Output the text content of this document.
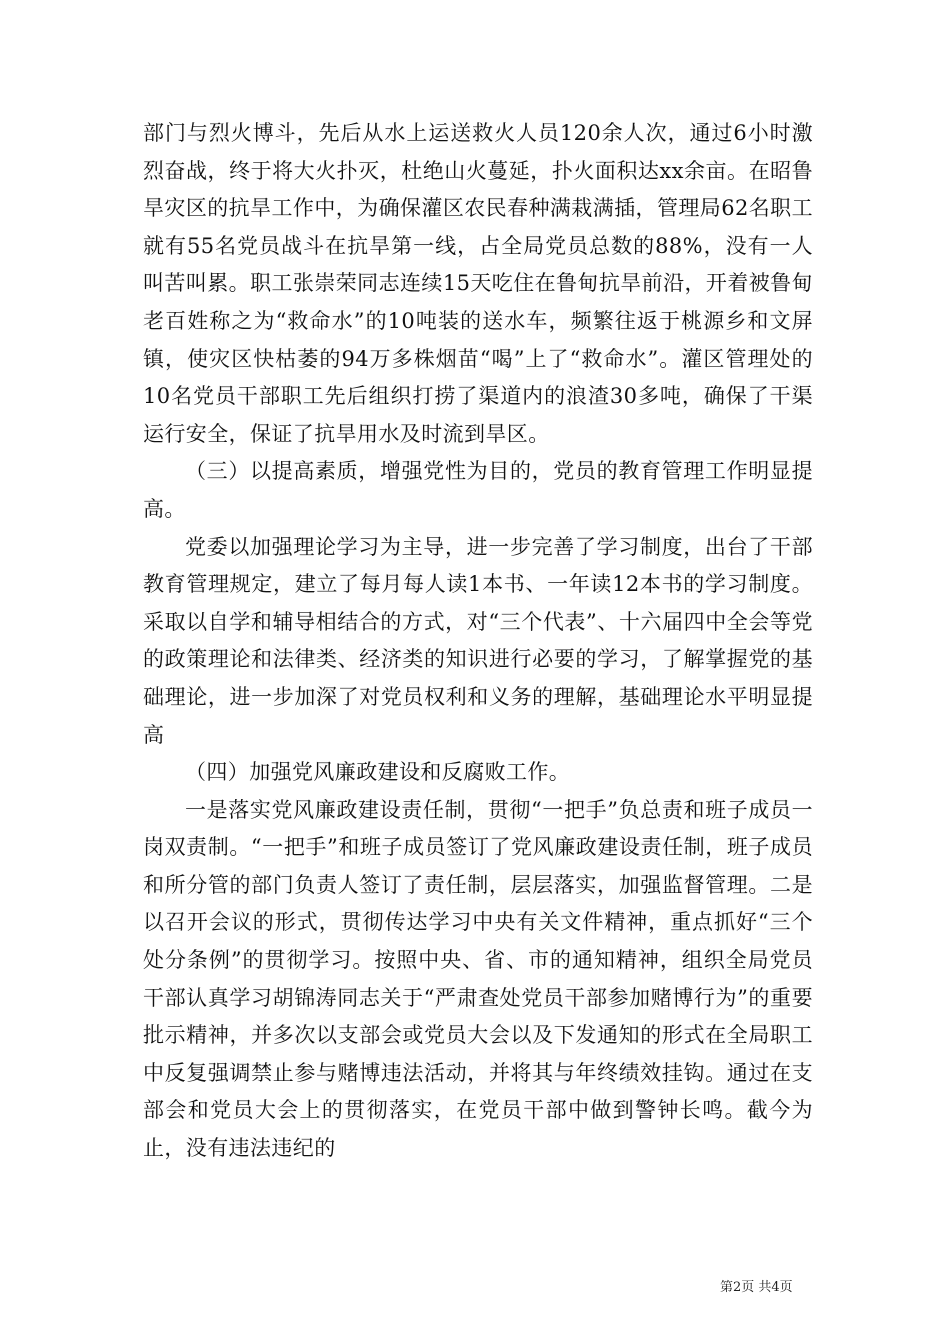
部门与烈火博斗，先后从水上运送救火人员120余人次，通过6小时激烈奋战，终于将大火扑灭，杜绝山火蔓延，扑火面积达xx余亩。在昭鲁旱灾区的抗旱工作中，为确保灌区农民春种满栽满插，管理局62名职工就有55名党员战斗在抗旱第一线，占全局党员总数的88%，没有一人叫苦叫累。职工张崇荣同志连续15天吃住在鲁甸抗旱前沿，开着被鲁甸老百姓称之为“救命水”的10吨装的送水车，频繁往返于桃源乡和文屏镇，使灾区快枯萎的94万多株烟苗“喝”上了“救命水”。灌区管理处的10名党员干部职工先后组织打捞了渠道内的浪渣30多吨，确保了干渠运行安全，保证了抗旱用水及时流到旱区。

（三）以提高素质，增强党性为目的，党员的教育管理工作明显提高。

党委以加强理论学习为主导，进一步完善了学习制度，出台了干部教育管理规定，建立了每月每人读1本书、一年读12本书的学习制度。采取以自学和辅导相结合的方式，对“三个代表”、十六届四中全会等党的政策理论和法律类、经济类的知识进行必要的学习，了解掌握党的基础理论，进一步加深了对党员权利和义务的理解，基础理论水平明显提高

（四）加强党风廉政建设和反腐败工作。

一是落实党风廉政建设责任制，贯彻“一把手”负总责和班子成员一岗双责制。“一把手”和班子成员签订了党风廉政建设责任制，班子成员和所分管的部门负责人签订了责任制，层层落实，加强监督管理。二是以召开会议的形式，贯彻传达学习中央有关文件精神，重点抓好“三个处分条例”的贯彻学习。按照中央、省、市的通知精神，组织全局党员干部认真学习胡锦涛同志关于“严肃查处党员干部参加赌博行为”的重要批示精神，并多次以支部会或党员大会以及下发通知的形式在全局职工中反复强调禁止参与赌博违法活动，并将其与年终绩效挂钩。通过在支部会和党员大会上的贯彻落实，在党员干部中做到警钟长鸣。截今为止，没有违法违纪的

第2页 共4页
